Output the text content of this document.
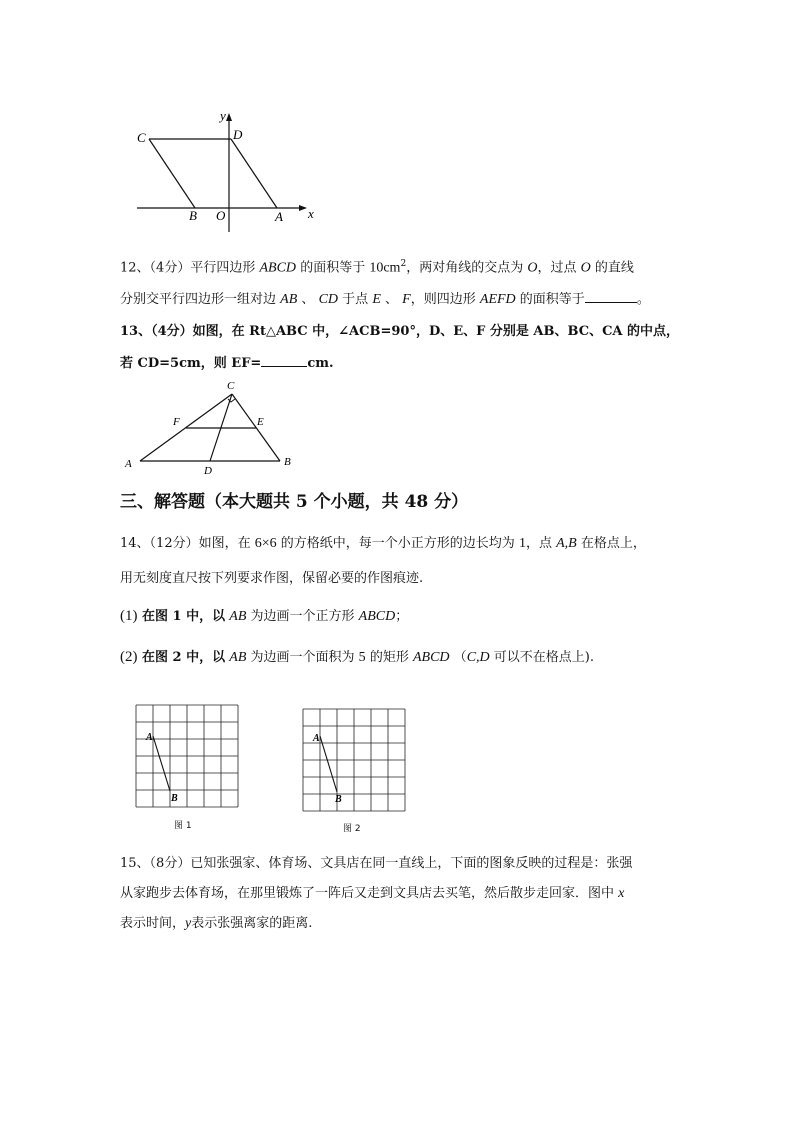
y
C	D
B O	A x
12、（4分）平行四边形 ABCD 的面积等于 $10cm^2$，两对角线的交点为 O，过点 O 的直线
分别交平行四边形一组对边 AB 、 CD 于点 E 、 F，则四边形 AEFD 的面积等于	。
13、（4分）如图，在 Rt△ABC 中，∠ACB=90°，D、E、F 分别是 AB、BC、CA 的中点，
若 CD=5cm，则 EF=	cm.
C
F	E
A
D
B
三、解答题（本大题共 5 个小题，共 48 分）
14、（12分）如图，在 6×6 的方格纸中，每一个小正方形的边长均为 1，点 A,B 在格点上，
用无刻度直尺按下列要求作图，保留必要的作图痕迹.
(1) 在图 1 中，以 AB 为边画一个正方形 ABCD；
(2) 在图 2 中，以 AB 为边画一个面积为 5 的矩形 ABCD （C,D 可以不在格点上).
A
B
图 1
A
B
图 2
15、（8分）已知张强家、体育场、文具店在同一直线上，下面的图象反映的过程是：张强
从家跑步去体育场，在那里锻炼了一阵后又走到文具店去买笔，然后散步走回家．图中 x
表示时间，y表示张强离家的距离.
